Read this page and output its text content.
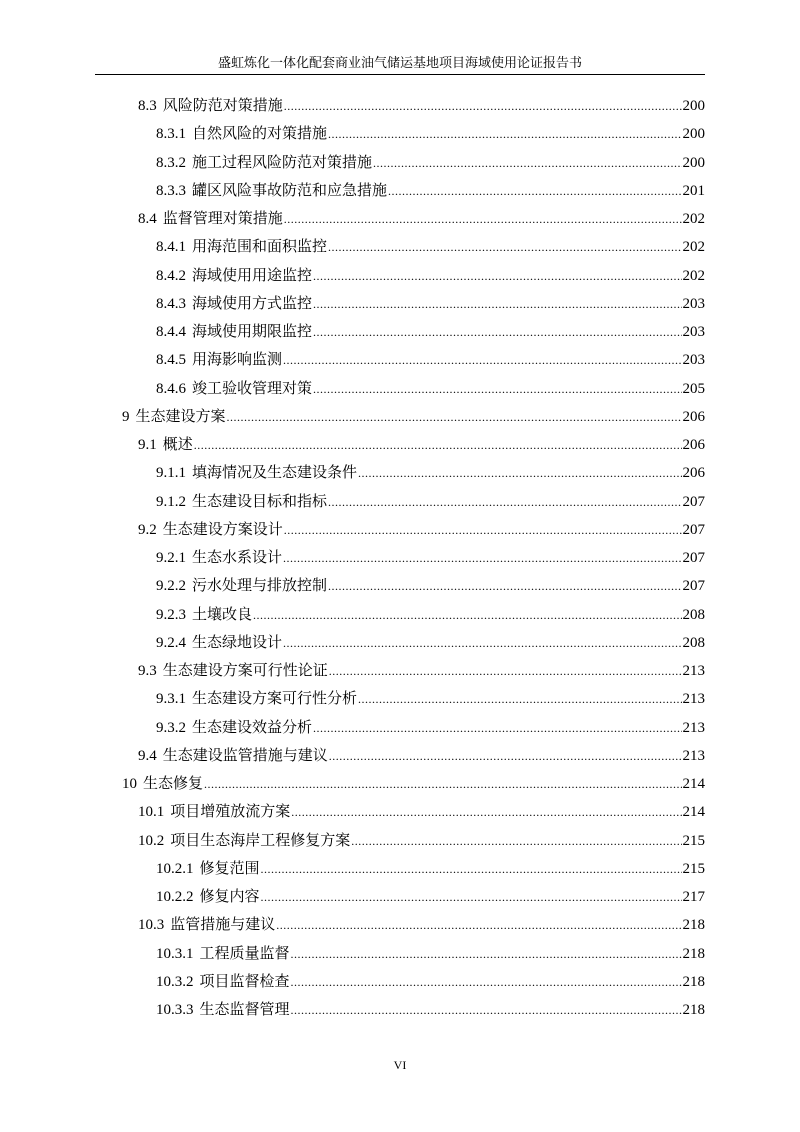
盛虹炼化一体化配套商业油气储运基地项目海域使用论证报告书
8.3 风险防范对策措施 .....	200
8.3.1 自然风险的对策措施 .....	200
8.3.2 施工过程风险防范对策措施 .....	200
8.3.3 罐区风险事故防范和应急措施 .....	201
8.4 监督管理对策措施 .....	202
8.4.1 用海范围和面积监控 .....	202
8.4.2 海域使用用途监控 .....	202
8.4.3 海域使用方式监控 .....	203
8.4.4 海域使用期限监控 .....	203
8.4.5 用海影响监测 .....	203
8.4.6 竣工验收管理对策 .....	205
9 生态建设方案 .....	206
9.1 概述 .....	206
9.1.1 填海情况及生态建设条件 .....	206
9.1.2 生态建设目标和指标 .....	207
9.2 生态建设方案设计 .....	207
9.2.1 生态水系设计 .....	207
9.2.2 污水处理与排放控制 .....	207
9.2.3 土壤改良 .....	208
9.2.4 生态绿地设计 .....	208
9.3 生态建设方案可行性论证 .....	213
9.3.1 生态建设方案可行性分析 .....	213
9.3.2 生态建设效益分析 .....	213
9.4 生态建设监管措施与建议 .....	213
10 生态修复 .....	214
10.1 项目增殖放流方案 .....	214
10.2 项目生态海岸工程修复方案 .....	215
10.2.1 修复范围 .....	215
10.2.2 修复内容 .....	217
10.3 监管措施与建议 .....	218
10.3.1 工程质量监督 .....	218
10.3.2 项目监督检查 .....	218
10.3.3 生态监督管理 .....	218
VI
